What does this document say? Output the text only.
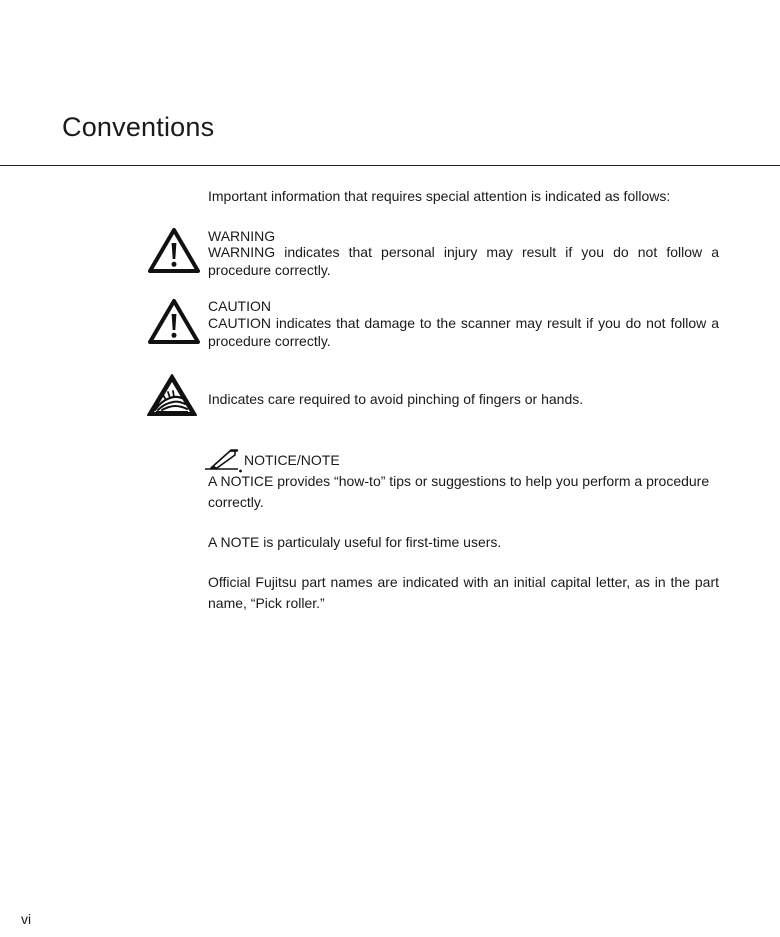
Conventions
Important information that requires special attention is indicated as follows:
WARNING
WARNING indicates that personal injury may result if you do not follow a procedure correctly.
CAUTION
CAUTION indicates that damage to the scanner may result if you do not follow a procedure correctly.
Indicates care required to avoid pinching of fingers or hands.
NOTICE/NOTE
A NOTICE provides “how-to” tips or suggestions to help you perform a procedure correctly.
A NOTE is particulaly useful for first-time users.
Official Fujitsu part names are indicated with an initial capital letter, as in the part name, “Pick roller.”
vi
